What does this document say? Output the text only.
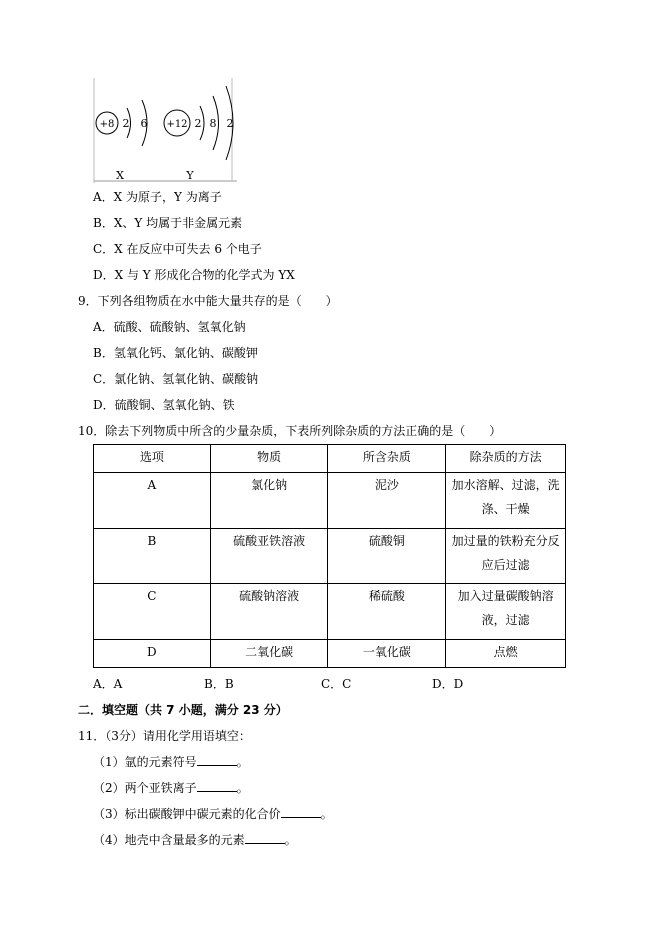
+8 2 6 +12 2 8 2
X	Y
A．X 为原子，Y 为离子
B．X、Y 均属于非金属元素
C．X 在反应中可失去 6 个电子
D．X 与 Y 形成化合物的化学式为 YX
9．下列各组物质在水中能大量共存的是（　　）
A．硫酸、硫酸钠、氢氧化钠
B．氢氧化钙、氯化钠、碳酸钾
C．氯化钠、氢氧化钠、碳酸钠
D．硫酸铜、氢氧化钠、铁
10．除去下列物质中所含的少量杂质，下表所列除杂质的方法正确的是（　　）
选项	物质	所含杂质	除杂质的方法
A	氯化钠	泥沙	加水溶解、过滤，洗涤、干燥
B	硫酸亚铁溶液	硫酸铜	加过量的铁粉充分反应后过滤
C	硫酸钠溶液	稀硫酸	加入过量碳酸钠溶液，过滤
D	二氧化碳	一氧化碳	点燃
A．A	B．B	C．C	D．D
二．填空题（共 7 小题，满分 23 分）
11．（3分）请用化学用语填空：
（1）氩的元素符号	。
（2）两个亚铁离子	。
（3）标出碳酸钾中碳元素的化合价	。
（4）地壳中含量最多的元素	。
